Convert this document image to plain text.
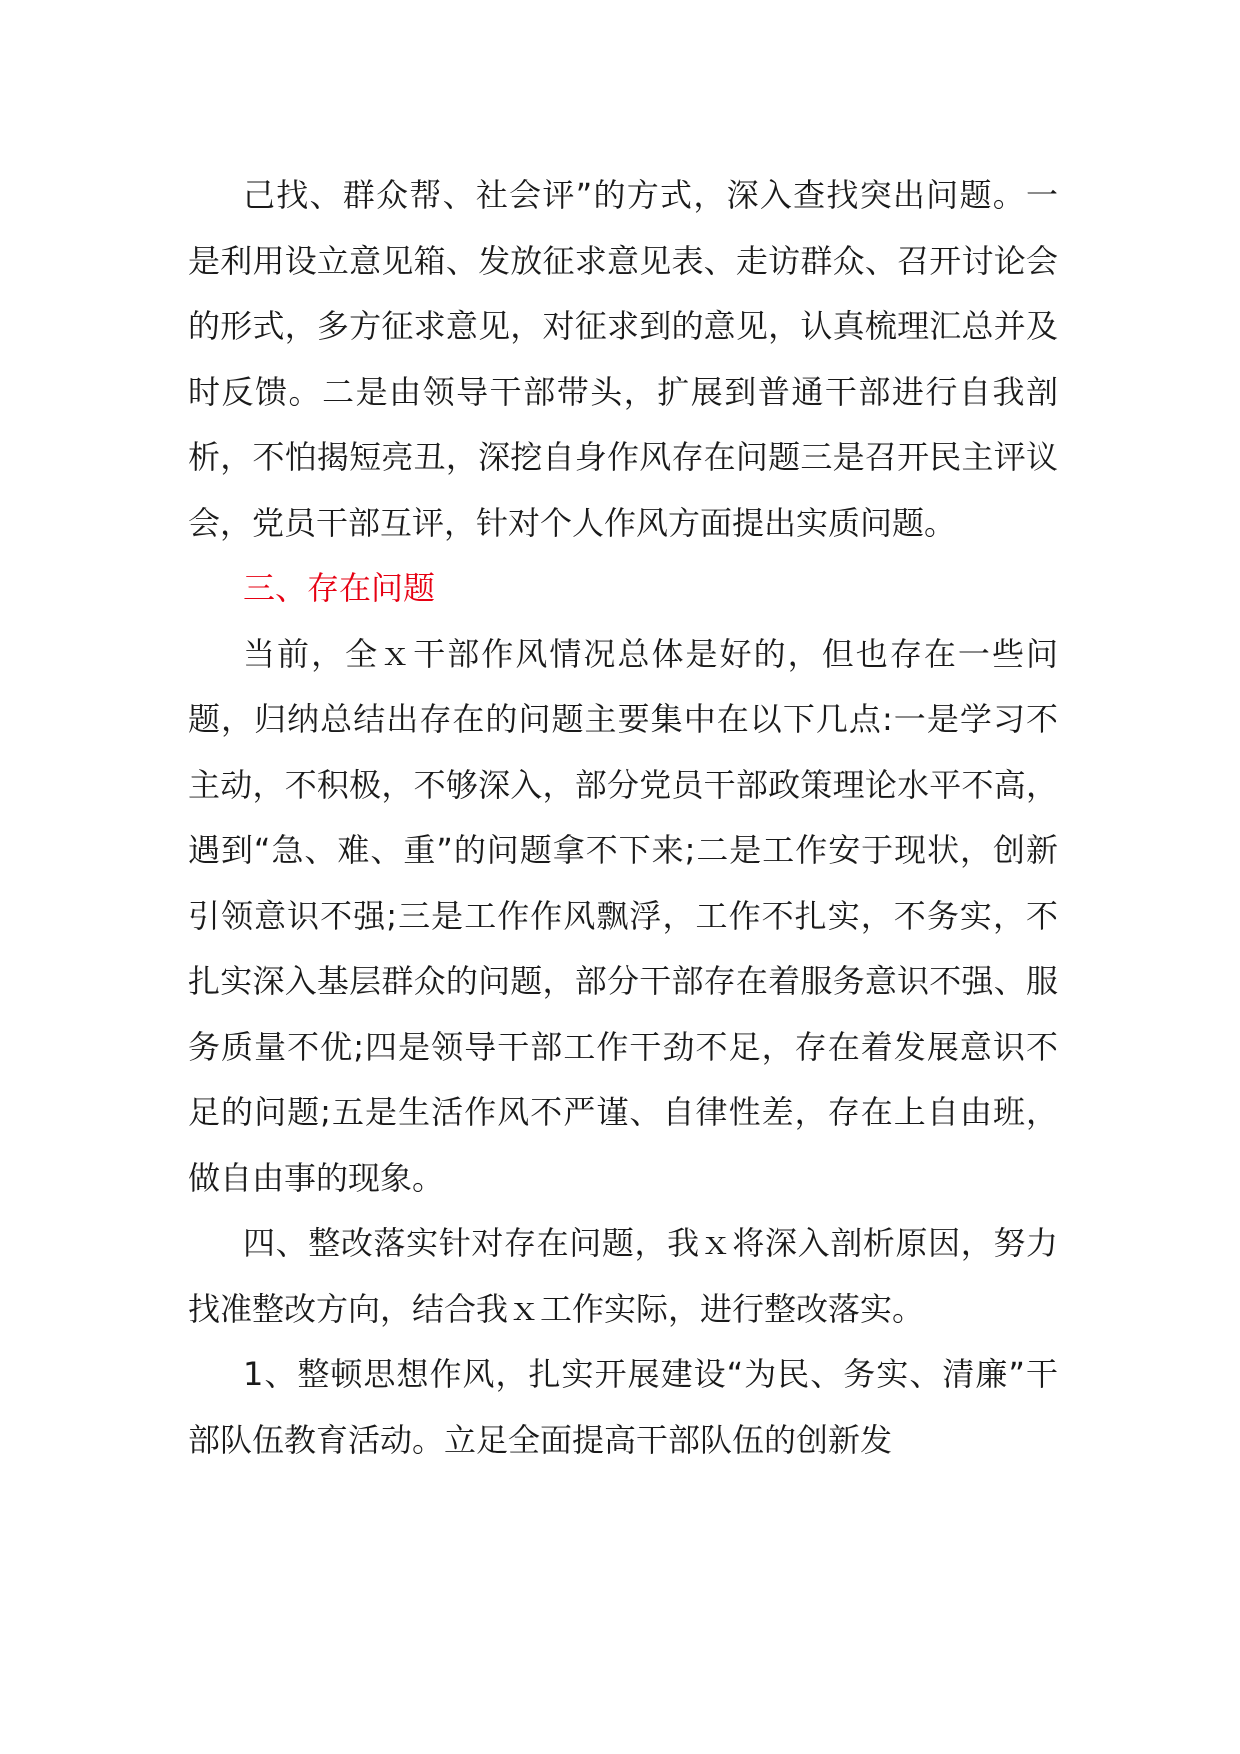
己找、群众帮、社会评”的方式，深入查找突出问题。一是利用设立意见箱、发放征求意见表、走访群众、召开讨论会的形式，多方征求意见，对征求到的意见，认真梳理汇总并及时反馈。二是由领导干部带头，扩展到普通干部进行自我剖析，不怕揭短亮丑，深挖自身作风存在问题三是召开民主评议会，党员干部互评，针对个人作风方面提出实质问题。

三、存在问题

当前，全ｘ干部作风情况总体是好的，但也存在一些问题，归纳总结出存在的问题主要集中在以下几点:一是学习不主动，不积极，不够深入，部分党员干部政策理论水平不高，遇到“急、难、重”的问题拿不下来;二是工作安于现状，创新引领意识不强;三是工作作风飘浮，工作不扎实，不务实，不扎实深入基层群众的问题，部分干部存在着服务意识不强、服务质量不优;四是领导干部工作干劲不足，存在着发展意识不足的问题;五是生活作风不严谨、自律性差，存在上自由班，做自由事的现象。

四、整改落实针对存在问题，我ｘ将深入剖析原因，努力找准整改方向，结合我ｘ工作实际，进行整改落实。

1、整顿思想作风，扎实开展建设“为民、务实、清廉”干部队伍教育活动。立足全面提高干部队伍的创新发
